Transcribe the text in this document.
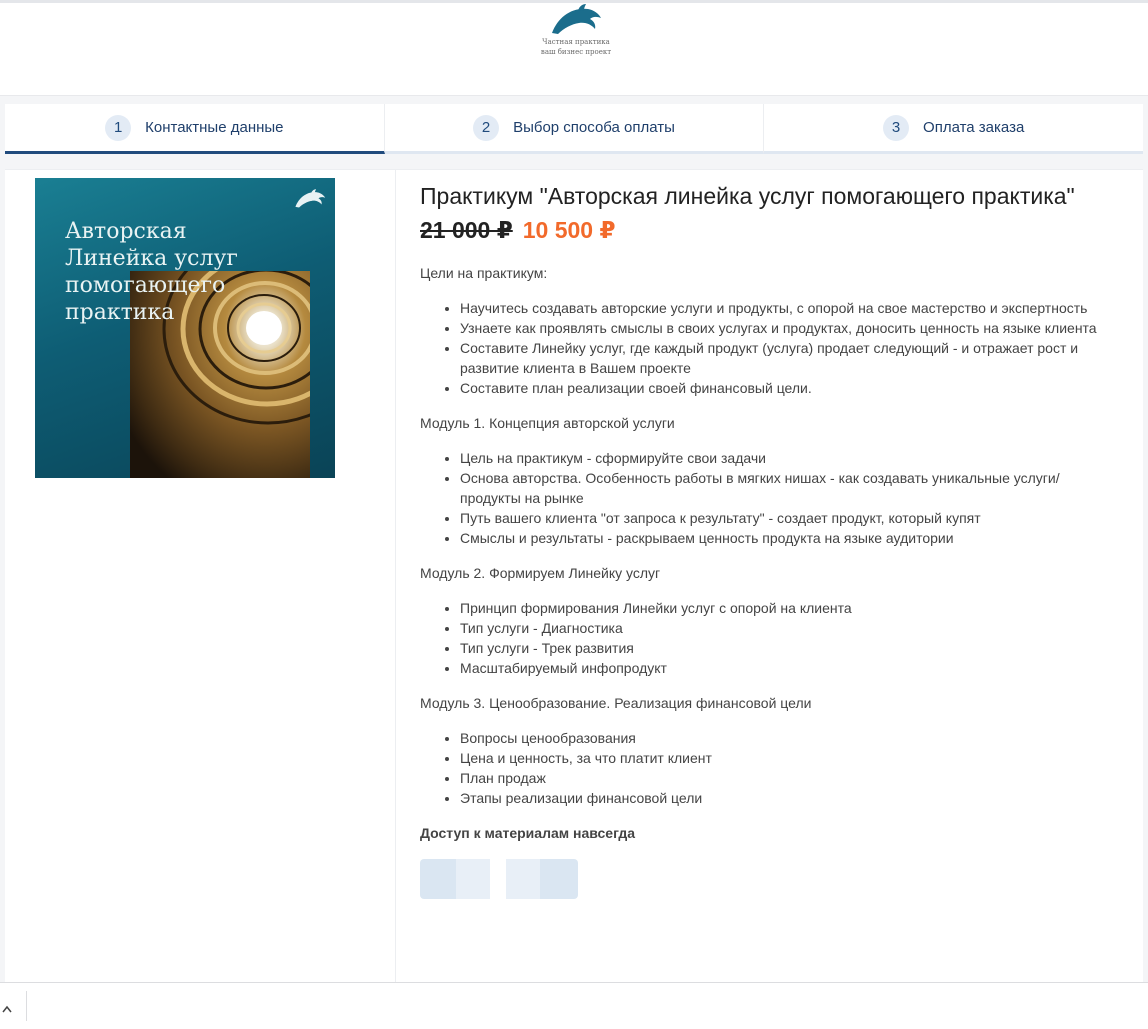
Частная практика
ваш бизнес проект
1	Контактные данные	2	Выбор способа оплаты	3	Оплата заказа
Авторская Линейка услуг помогающего практика
Практикум "Авторская линейка услуг помогающего практика"
21 000 ₽ 10 500 ₽

Цели на практикум:

• Научитесь создавать авторские услуги и продукты, с опорой на свое мастерство и экспертность
• Узнаете как проявлять смыслы в своих услугах и продуктах, доносить ценность на языке клиента
• Составите Линейку услуг, где каждый продукт (услуга) продает следующий - и отражает рост и развитие клиента в Вашем проекте
• Составите план реализации своей финансовый цели.

Модуль 1. Концепция авторской услуги

• Цель на практикум - сформируйте свои задачи
• Основа авторства. Особенность работы в мягких нишах - как создавать уникальные услуги/продукты на рынке
• Путь вашего клиента "от запроса к результату" - создает продукт, который купят
• Смыслы и результаты - раскрываем ценность продукта на языке аудитории

Модуль 2. Формируем Линейку услуг

• Принцип формирования Линейки услуг с опорой на клиента
• Тип услуги - Диагностика
• Тип услуги - Трек развития
• Масштабируемый инфопродукт

Модуль 3. Ценообразование. Реализация финансовой цели

• Вопросы ценообразования
• Цена и ценность, за что платит клиент
• План продаж
• Этапы реализации финансовой цели

Доступ к материалам навсегда
